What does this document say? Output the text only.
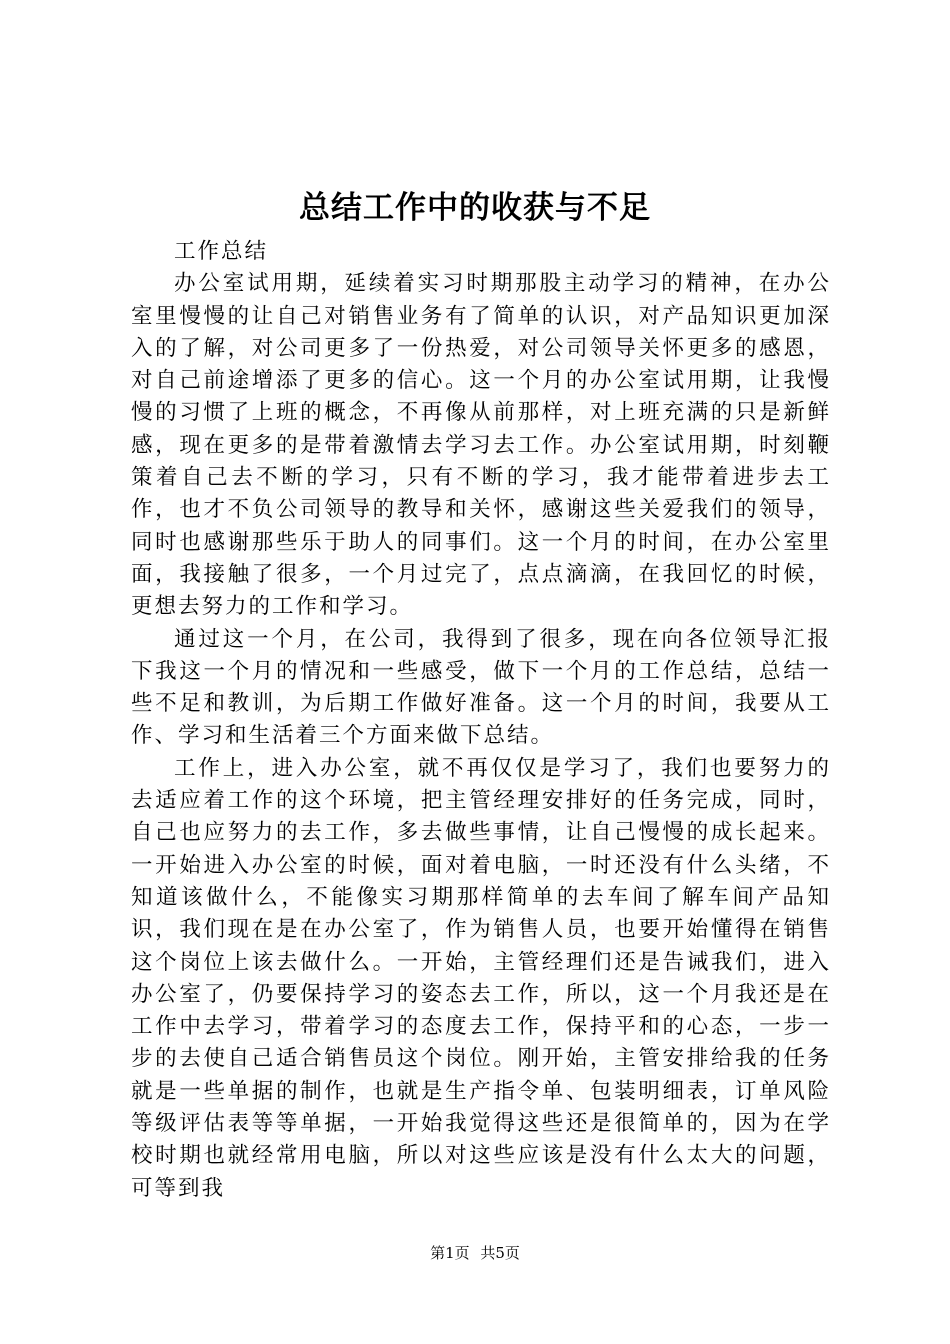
总结工作中的收获与不足

工作总结

办公室试用期，延续着实习时期那股主动学习的精神，在办公室里慢慢的让自己对销售业务有了简单的认识，对产品知识更加深入的了解，对公司更多了一份热爱，对公司领导关怀更多的感恩，对自己前途增添了更多的信心。这一个月的办公室试用期，让我慢慢的习惯了上班的概念，不再像从前那样，对上班充满的只是新鲜感，现在更多的是带着激情去学习去工作。办公室试用期，时刻鞭策着自己去不断的学习，只有不断的学习，我才能带着进步去工作，也才不负公司领导的教导和关怀，感谢这些关爱我们的领导，同时也感谢那些乐于助人的同事们。这一个月的时间，在办公室里面，我接触了很多，一个月过完了，点点滴滴，在我回忆的时候，更想去努力的工作和学习。

通过这一个月，在公司，我得到了很多，现在向各位领导汇报下我这一个月的情况和一些感受，做下一个月的工作总结，总结一些不足和教训，为后期工作做好准备。这一个月的时间，我要从工作、学习和生活着三个方面来做下总结。

工作上，进入办公室，就不再仅仅是学习了，我们也要努力的去适应着工作的这个环境，把主管经理安排好的任务完成，同时，自己也应努力的去工作，多去做些事情，让自己慢慢的成长起来。一开始进入办公室的时候，面对着电脑，一时还没有什么头绪，不知道该做什么，不能像实习期那样简单的去车间了解车间产品知识，我们现在是在办公室了，作为销售人员，也要开始懂得在销售这个岗位上该去做什么。一开始，主管经理们还是告诫我们，进入办公室了，仍要保持学习的姿态去工作，所以，这一个月我还是在工作中去学习，带着学习的态度去工作，保持平和的心态，一步一步的去使自己适合销售员这个岗位。刚开始，主管安排给我的任务就是一些单据的制作，也就是生产指令单、包装明细表，订单风险等级评估表等等单据，一开始我觉得这些还是很简单的，因为在学校时期也就经常用电脑，所以对这些应该是没有什么太大的问题，可等到我

第1页 共5页
